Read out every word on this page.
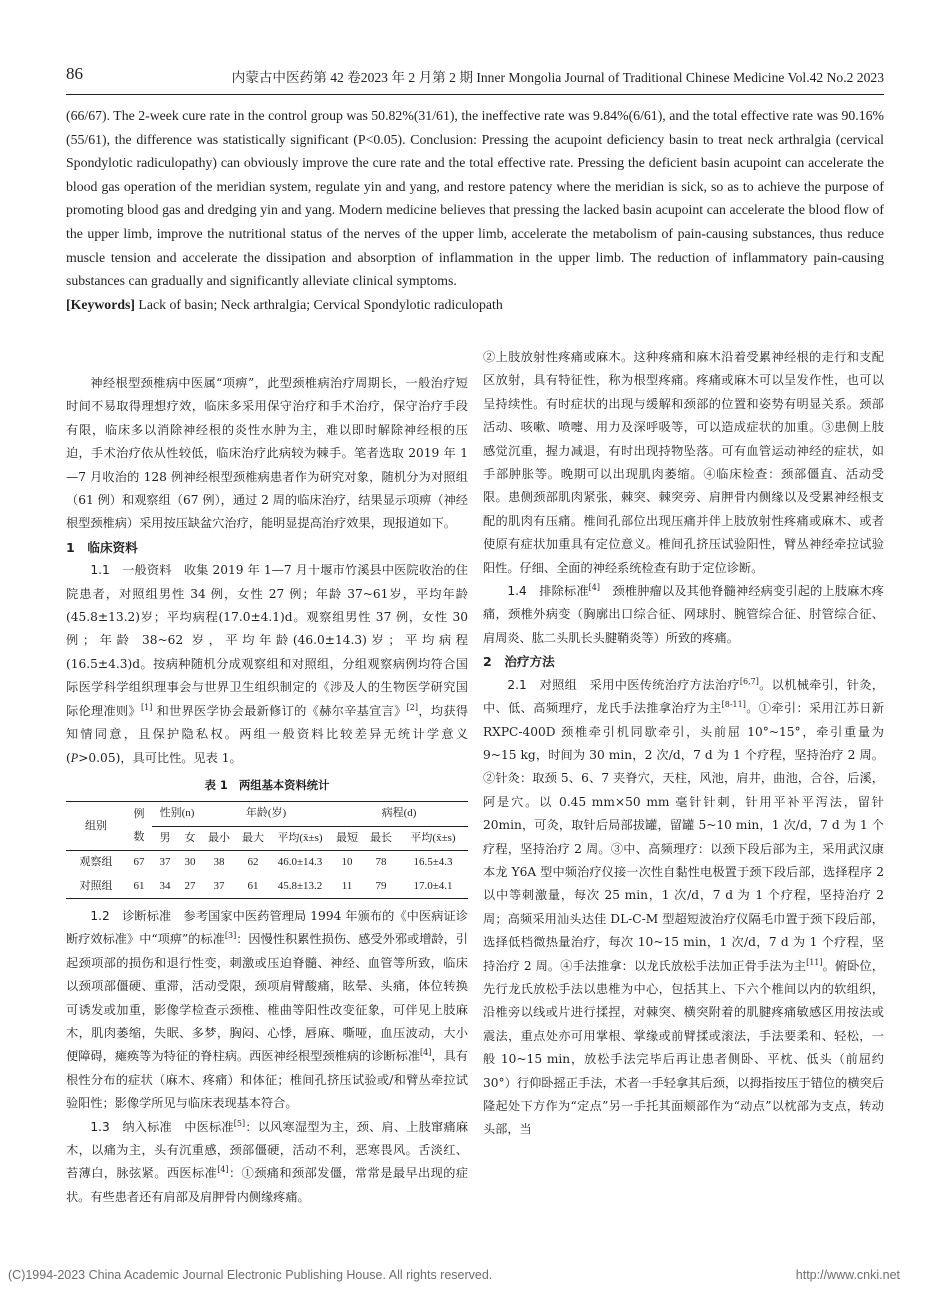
86	内蒙古中医药第 42 卷2023 年 2 月第 2 期 Inner Mongolia Journal of Traditional Chinese Medicine Vol.42 No.2 2023
(66/67). The 2-week cure rate in the control group was 50.82%(31/61), the ineffective rate was 9.84%(6/61), and the total effective rate was 90.16%(55/61), the difference was statistically significant (P<0.05). Conclusion: Pressing the acupoint deficiency basin to treat neck arthralgia (cervical Spondylotic radiculopathy) can obviously improve the cure rate and the total effective rate. Pressing the deficient basin acupoint can accelerate the blood gas operation of the meridian system, regulate yin and yang, and restore patency where the meridian is sick, so as to achieve the purpose of promoting blood gas and dredging yin and yang. Modern medicine believes that pressing the lacked basin acupoint can accelerate the blood flow of the upper limb, improve the nutritional status of the nerves of the upper limb, accelerate the metabolism of pain-causing substances, thus reduce muscle tension and accelerate the dissipation and absorption of inflammation in the upper limb. The reduction of inflammatory pain-causing substances can gradually and significantly alleviate clinical symptoms.
[Keywords] Lack of basin; Neck arthralgia; Cervical Spondylotic radiculopath

神经根型颈椎病中医属“项痹”，此型颈椎病治疗周期长，一般治疗短时间不易取得理想疗效，临床多采用保守治疗和手术治疗，保守治疗手段有限，临床多以消除神经根的炎性水肿为主，难以即时解除神经根的压迫，手术治疗依从性较低，临床治疗此病较为棘手。笔者选取 2019 年 1—7 月收治的 128 例神经根型颈椎病患者作为研究对象，随机分为对照组（61 例）和观察组（67 例），通过 2 周的临床治疗，结果显示项痹（神经根型颈椎病）采用按压缺盆穴治疗，能明显提高治疗效果，现报道如下。

1　临床资料

1.1　一般资料　收集 2019 年 1—7 月十堰市竹溪县中医院收治的住院患者，对照组男性 34 例，女性 27 例；年龄 37~61岁，平均年龄(45.8±13.2)岁；平均病程(17.0±4.1)d。观察组男性 37 例，女性 30 例；年龄 38~62 岁，平均年龄(46.0±14.3)岁；平均病程(16.5±4.3)d。按病种随机分成观察组和对照组，分组观察病例均符合国际医学科学组织理事会与世界卫生组织制定的《涉及人的生物医学研究国际伦理准则》[1] 和世界医学协会最新修订的《赫尔辛基宣言》[2]，均获得知情同意，且保护隐私权。两组一般资料比较差异无统计学意义(P>0.05)，具可比性。见表 1。

表 1　两组基本资料统计
组别	例	性别(n)		年龄(岁)			病程(d)		
	数	男	女	最小	最大	平均(x̄±s)	最短	最长	平均(x̄±s)
观察组	67	37	30	38	62	46.0±14.3	10	78	16.5±4.3
对照组	61	34	27	37	61	45.8±13.2	11	79	17.0±4.1

1.2　诊断标准　参考国家中医药管理局 1994 年颁布的《中医病证诊断疗效标准》中“项痹”的标准[3]：因慢性积累性损伤、感受外邪或增龄，引起颈项部的损伤和退行性变，刺激或压迫脊髓、神经、血管等所致，临床以颈项部僵硬、重滞，活动受限，颈项肩臂酸痛，眩晕、头痛，体位转换可诱发或加重，影像学检查示颈椎、椎曲等阳性改变征象，可伴见上肢麻木，肌肉萎缩，失眠、多梦，胸闷、心悸，唇麻、嘶哑，血压波动，大小便障碍，瘫痪等为特征的脊柱病。西医神经根型颈椎病的诊断标准[4]，具有根性分布的症状（麻木、疼痛）和体征；椎间孔挤压试验或/和臂丛牵拉试验阳性；影像学所见与临床表现基本符合。

1.3　纳入标准　中医标准[5]：以风寒湿型为主，颈、肩、上肢窜痛麻木，以痛为主，头有沉重感，颈部僵硬，活动不利，恶寒畏风。舌淡红、苔薄白，脉弦紧。西医标准[4]：①颈痛和颈部发僵，常常是最早出现的症状。有些患者还有肩部及肩胛骨内侧缘疼痛。

②上肢放射性疼痛或麻木。这种疼痛和麻木沿着受累神经根的走行和支配区放射，具有特征性，称为根型疼痛。疼痛或麻木可以呈发作性，也可以呈持续性。有时症状的出现与缓解和颈部的位置和姿势有明显关系。颈部活动、咳嗽、喷嚏、用力及深呼吸等，可以造成症状的加重。③患侧上肢感觉沉重，握力减退，有时出现持物坠落。可有血管运动神经的症状，如手部肿胀等。晚期可以出现肌肉萎缩。④临床检查：颈部僵直、活动受限。患侧颈部肌肉紧张，棘突、棘突旁、肩胛骨内侧缘以及受累神经根支配的肌肉有压痛。椎间孔部位出现压痛并伴上肢放射性疼痛或麻木、或者使原有症状加重具有定位意义。椎间孔挤压试验阳性，臂丛神经牵拉试验阳性。仔细、全面的神经系统检查有助于定位诊断。

1.4　排除标准[4]　颈椎肿瘤以及其他脊髓神经病变引起的上肢麻木疼痛，颈椎外病变（胸廓出口综合征、网球肘、腕管综合征、肘管综合征、肩周炎、肱二头肌长头腱鞘炎等）所致的疼痛。

2　治疗方法

2.1　对照组　采用中医传统治疗方法治疗[6,7]。以机械牵引，针灸，中、低、高频理疗，龙氏手法推拿治疗为主[8-11]。①牵引：采用江苏日新 RXPC-400D 颈椎牵引机同歇牵引，头前屈 10°~15°，牵引重量为 9~15 kg，时间为 30 min，2 次/d，7 d 为 1 个疗程，坚持治疗 2 周。②针灸：取颈 5、6、7 夹脊穴，天柱，风池，肩井，曲池，合谷，后溪，阿是穴。以 0.45 mm×50 mm 毫针针刺，针用平补平泻法，留针 20min，可灸，取针后局部拔罐，留罐 5~10 min，1 次/d，7 d 为 1 个疗程，坚持治疗 2 周。③中、高频理疗：以颈下段后部为主，采用武汉康本龙 Y6A 型中频治疗仪接一次性自黏性电极置于颈下段后部，选择程序 2 以中等刺激量，每次 25 min，1 次/d，7 d 为 1 个疗程，坚持治疗 2 周；高频采用汕头达佳 DL-C-M 型超短波治疗仪隔毛巾置于颈下段后部，选择低档微热量治疗，每次 10~15 min，1 次/d，7 d 为 1 个疗程，坚持治疗 2 周。④手法推拿：以龙氏放松手法加正骨手法为主[11]。俯卧位，先行龙氏放松手法以患椎为中心，包括其上、下六个椎间以内的软组织，沿椎旁以线或片进行揉捏，对棘突、横突附着的肌腱疼痛敏感区用按法或震法，重点处亦可用掌根、掌缘或前臂揉或滚法，手法要柔和、轻松，一般 10~15 min，放松手法完毕后再让患者侧卧、平枕、低头（前屈约 30°）行仰卧摇正手法，术者一手轻拿其后颈，以拇指按压于错位的横突后隆起处下方作为“定点”另一手托其面颊部作为“动点”以枕部为支点，转动头部，当

(C)1994-2023 China Academic Journal Electronic Publishing House. All rights reserved.	http://www.cnki.net
